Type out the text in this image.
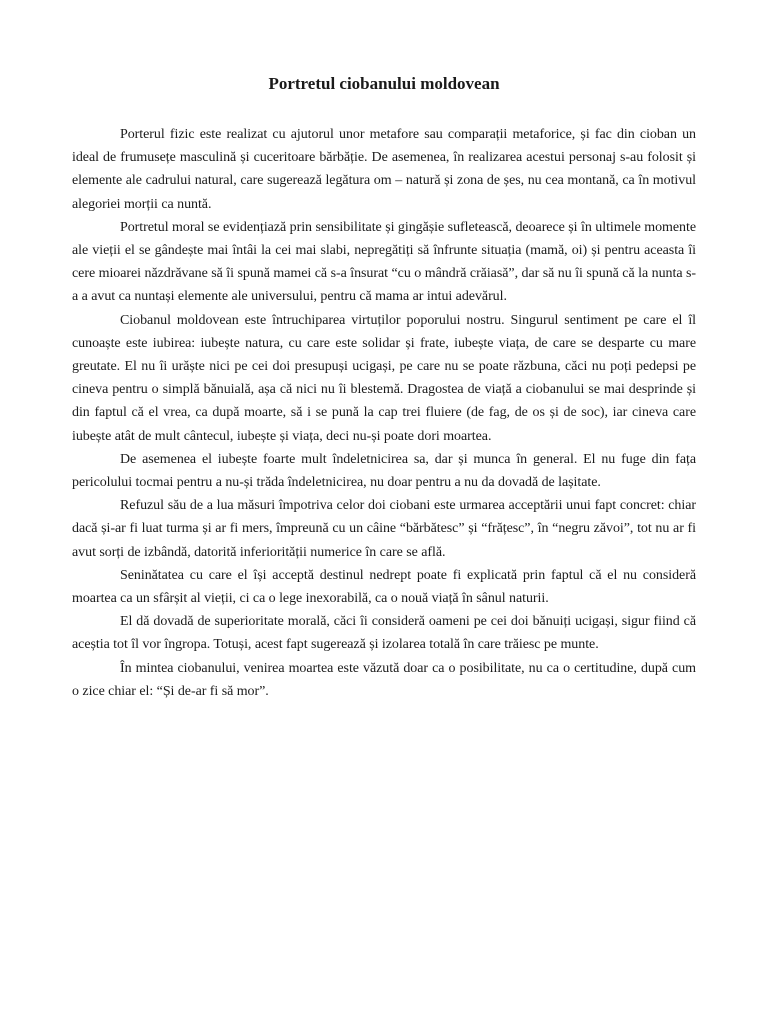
Portretul ciobanului moldovean

Porterul fizic este realizat cu ajutorul unor metafore sau comparații metaforice, și fac din cioban un ideal de frumusețe masculină și cuceritoare bărbăție. De asemenea, în realizarea acestui personaj s-au folosit și elemente ale cadrului natural, care sugerează legătura om – natură și zona de șes, nu cea montană, ca în motivul alegoriei morții ca nuntă.

Portretul moral se evidențiază prin sensibilitate și gingășie sufletească, deoarece și în ultimele momente ale vieții el se gândește mai întâi la cei mai slabi, nepregătiți să înfrunte situația (mamă, oi) și pentru aceasta îi cere mioarei năzdrăvane să îi spună mamei că s-a însurat “cu o mândră crăiasă”, dar să nu îi spună că la nunta s-a a avut ca nuntași elemente ale universului, pentru că mama ar intui adevărul.

Ciobanul moldovean este întruchiparea virtuților poporului nostru. Singurul sentiment pe care el îl cunoaște este iubirea: iubește natura, cu care este solidar și frate, iubește viața, de care se desparte cu mare greutate. El nu îi urăște nici pe cei doi presupuși ucigași, pe care nu se poate răzbuna, căci nu poți pedepsi pe cineva pentru o simplă bănuială, așa că nici nu îi blestemă. Dragostea de viață a ciobanului se mai desprinde și din faptul că el vrea, ca după moarte, să i se pună la cap trei fluiere (de fag, de os și de soc), iar cineva care iubește atât de mult cântecul, iubește și viața, deci nu-și poate dori moartea.

De asemenea el iubește foarte mult îndeletnicirea sa, dar și munca în general. El nu fuge din fața pericolului tocmai pentru a nu-și trăda îndeletnicirea, nu doar pentru a nu da dovadă de lașitate.

Refuzul său de a lua măsuri împotriva celor doi ciobani este urmarea acceptării unui fapt concret: chiar dacă și-ar fi luat turma și ar fi mers, împreună cu un câine “bărbătesc” și “frățesc”, în “negru zăvoi”, tot nu ar fi avut sorți de izbândă, datorită inferiorității numerice în care se află.

Seninătatea cu care el își acceptă destinul nedrept poate fi explicată prin faptul că el nu consideră moartea ca un sfârșit al vieții, ci ca o lege inexorabilă, ca o nouă viață în sânul naturii.

El dă dovadă de superioritate morală, căci îi consideră oameni pe cei doi bănuiți ucigași, sigur fiind că aceștia tot îl vor îngropa. Totuși, acest fapt sugerează și izolarea totală în care trăiesc pe munte.

În mintea ciobanului, venirea moartea este văzută doar ca o posibilitate, nu ca o certitudine, după cum o zice chiar el: “Și de-ar fi să mor”.
